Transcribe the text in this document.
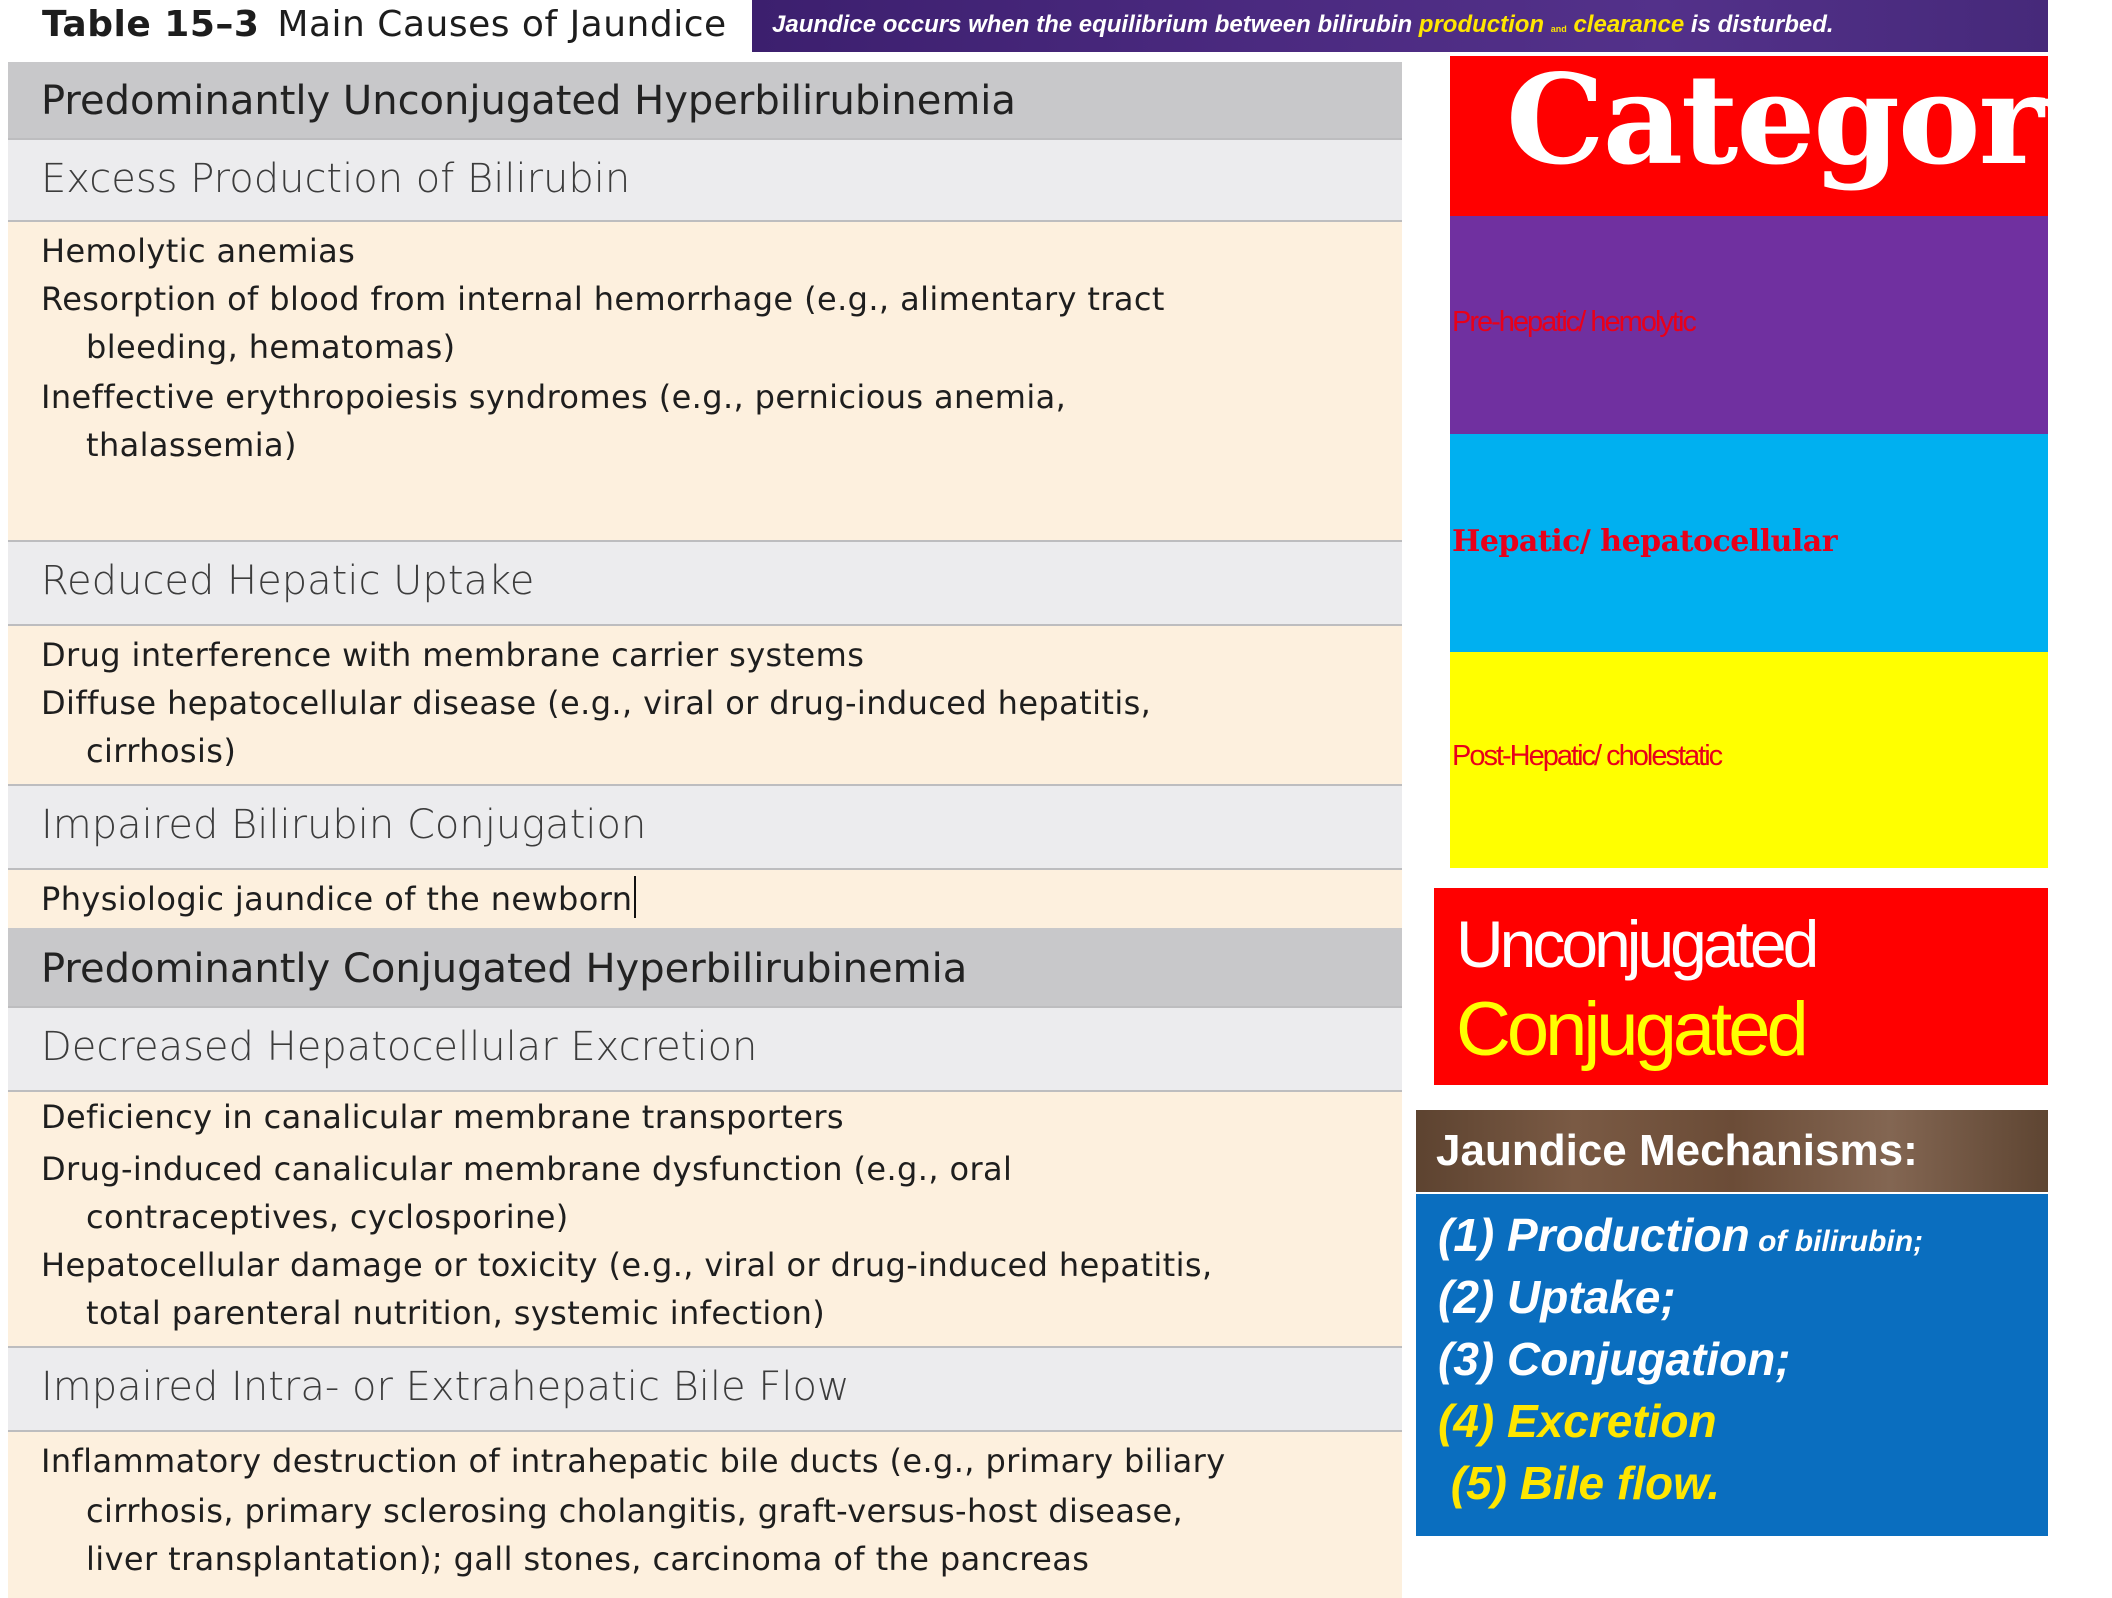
Table 15–3 Main Causes of Jaundice Jaundice occurs when the equilibrium between bilirubin production and clearance is disturbed.
Predominantly Unconjugated Hyperbilirubinemia
Excess Production of Bilirubin
Hemolytic anemias
Resorption of blood from internal hemorrhage (e.g., alimentary tract
bleeding, hematomas)
Ineffective erythropoiesis syndromes (e.g., pernicious anemia,
thalassemia)
Reduced Hepatic Uptake
Drug interference with membrane carrier systems
Diffuse hepatocellular disease (e.g., viral or drug-induced hepatitis,
cirrhosis)
Impaired Bilirubin Conjugation
Physiologic jaundice of the newborn
Predominantly Conjugated Hyperbilirubinemia
Decreased Hepatocellular Excretion
Deficiency in canalicular membrane transporters
Drug-induced canalicular membrane dysfunction (e.g., oral
contraceptives, cyclosporine)
Hepatocellular damage or toxicity (e.g., viral or drug-induced hepatitis,
total parenteral nutrition, systemic infection)
Impaired Intra- or Extrahepatic Bile Flow
Inflammatory destruction of intrahepatic bile ducts (e.g., primary biliary
cirrhosis, primary sclerosing cholangitis, graft-versus-host disease,
liver transplantation); gall stones, carcinoma of the pancreas
Category
Pre-hepatic/ hemolytic
Hepatic/ hepatocellular
Post-Hepatic/ cholestatic
Unconjugated
Conjugated
Jaundice Mechanisms:
(1) Production of bilirubin;
(2) Uptake;
(3) Conjugation;
(4) Excretion
(5) Bile flow.
